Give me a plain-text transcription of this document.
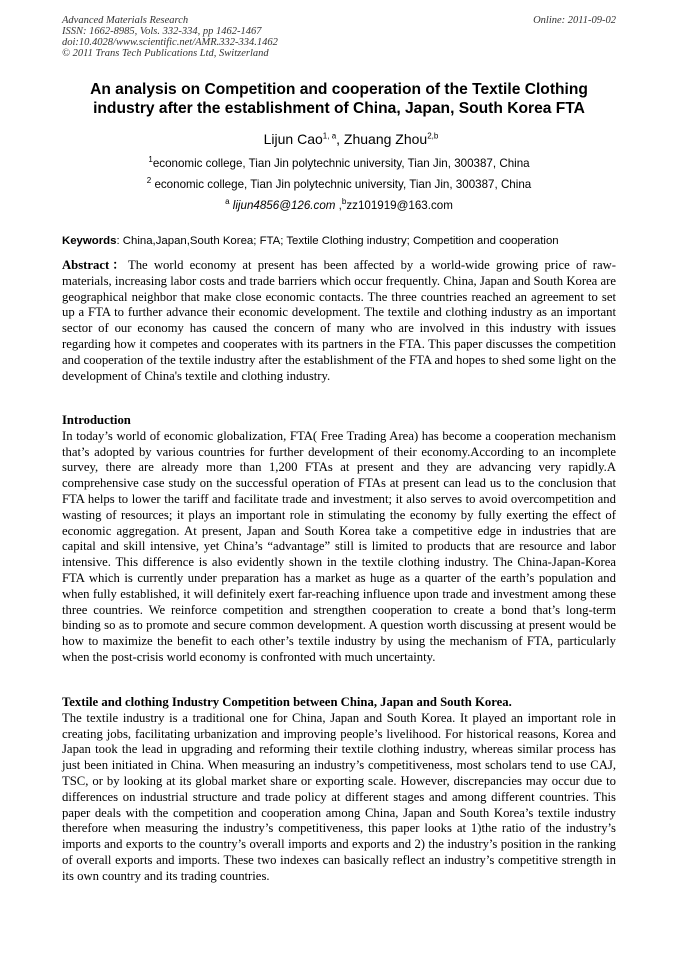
Advanced Materials Research
ISSN: 1662-8985, Vols. 332-334, pp 1462-1467
doi:10.4028/www.scientific.net/AMR.332-334.1462
© 2011 Trans Tech Publications Ltd, Switzerland
Online: 2011-09-02
An analysis on Competition and cooperation of the Textile Clothing
industry after the establishment of China, Japan, South Korea FTA
Lijun Cao$^{1, a}$, Zhuang Zhou$^{2,b}$
$^1$economic college, Tian Jin polytechnic university, Tian Jin, 300387, China
$^2$ economic college, Tian Jin polytechnic university, Tian Jin, 300387, China
$^a$ lijun4856@126.com ,$^b$zz101919@163.com
Keywords: China,Japan,South Korea; FTA; Textile Clothing industry; Competition and cooperation

Abstract：The world economy at present has been affected by a world-wide growing price of raw-materials, increasing labor costs and trade barriers which occur frequently. China, Japan and South Korea are geographical neighbor that make close economic contacts. The three countries reached an agreement to set up a FTA to further advance their economic development. The textile and clothing industry as an important sector of our economy has caused the concern of many who are involved in this industry with issues regarding how it competes and cooperates with its partners in the FTA. This paper discusses the competition and cooperation of the textile industry after the establishment of the FTA and hopes to shed some light on the development of China's textile and clothing industry.

Introduction

In today’s world of economic globalization, FTA( Free Trading Area) has become a cooperation mechanism that’s adopted by various countries for further development of their economy.According to an incomplete survey, there are already more than 1,200 FTAs at present and they are advancing very rapidly.A comprehensive case study on the successful operation of FTAs at present can lead us to the conclusion that FTA helps to lower the tariff and facilitate trade and investment; it also serves to avoid overcompetition and wasting of resources; it plays an important role in stimulating the economy by fully exerting the effect of economic aggregation. At present, Japan and South Korea take a competitive edge in industries that are capital and skill intensive, yet China’s “advantage” still is limited to products that are resource and labor intensive. This difference is also evidently shown in the textile clothing industry. The China-Japan-Korea FTA which is currently under preparation has a market as huge as a quarter of the earth’s population and when fully established, it will definitely exert far-reaching influence upon trade and investment among these three countries. We reinforce competition and strengthen cooperation to create a bond that’s long-term binding so as to promote and secure common development. A question worth discussing at present would be how to maximize the benefit to each other’s textile industry by using the mechanism of FTA, particularly when the post-crisis world economy is confronted with much uncertainty.

Textile and clothing Industry Competition between China, Japan and South Korea.

The textile industry is a traditional one for China, Japan and South Korea. It played an important role in creating jobs, facilitating urbanization and improving people’s livelihood. For historical reasons, Korea and Japan took the lead in upgrading and reforming their textile clothing industry, whereas similar process has just been initiated in China. When measuring an industry’s competitiveness, most scholars tend to use CAJ, TSC, or by looking at its global market share or exporting scale. However, discrepancies may occur due to differences on industrial structure and trade policy at different stages and among different countries. This paper deals with the competition and cooperation among China, Japan and South Korea’s textile industry therefore when measuring the industry’s competitiveness, this paper looks at 1)the ratio of the industry’s imports and exports to the country’s overall imports and exports and 2) the industry’s position in the ranking of overall exports and imports. These two indexes can basically reflect an industry’s competitive strength in its own country and its trading countries.
